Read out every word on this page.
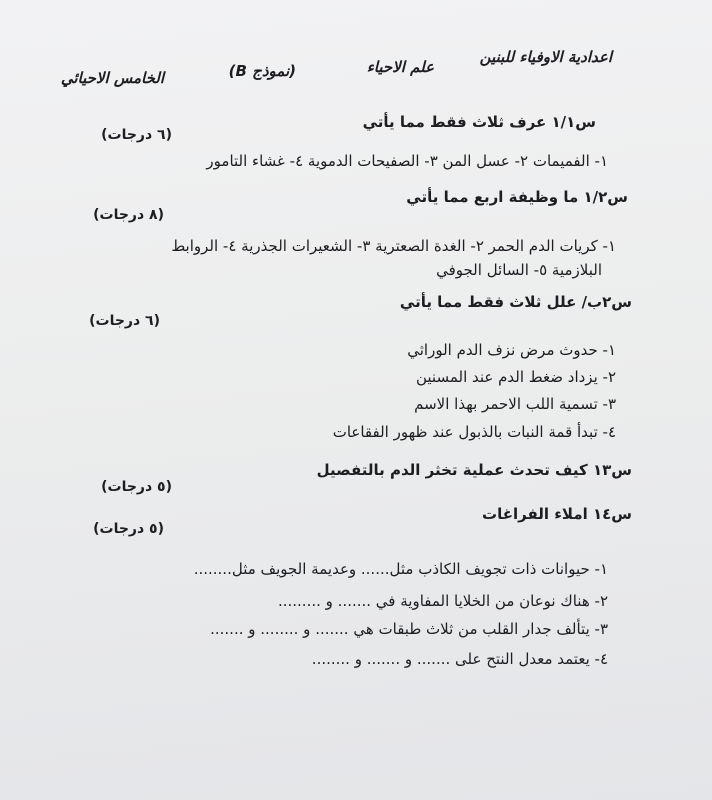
اعدادية الاوفياء للبنين
علم الاحياء
(نموذج B)
الخامس الاحيائي
س١/١ عرف ثلاث فقط مما يأتي
(٦ درجات)
١- الفميمات ٢- عسل المن ٣- الصفيحات الدموية ٤- غشاء التامور
س١/٢ ما وظيفة اربع مما يأتي
(٨ درجات)
١- كريات الدم الحمر ٢- الغدة الصعترية ٣- الشعيرات الجذرية ٤- الروابط
البلازمية ٥- السائل الجوفي
س٢ب/ علل ثلاث فقط مما يأتي
(٦ درجات)
١- حدوث مرض نزف الدم الوراثي
٢- يزداد ضغط الدم عند المسنين
٣- تسمية اللب الاحمر بهذا الاسم
٤- تبدأ قمة النبات بالذبول عند ظهور الفقاعات
س١٣ كيف تحدث عملية تخثر الدم بالتفصيل
(٥ درجات)
س١٤ املاء الفراغات
(٥ درجات)
١- حيوانات ذات تجويف الكاذب مثل...... وعديمة الجويف مثل........
٢- هناك نوعان من الخلايا المفاوية في ....... و .........
٣- يتألف جدار القلب من ثلاث طبقات هي ....... و ........ و .......
٤- يعتمد معدل النتح على ....... و ....... و ........
